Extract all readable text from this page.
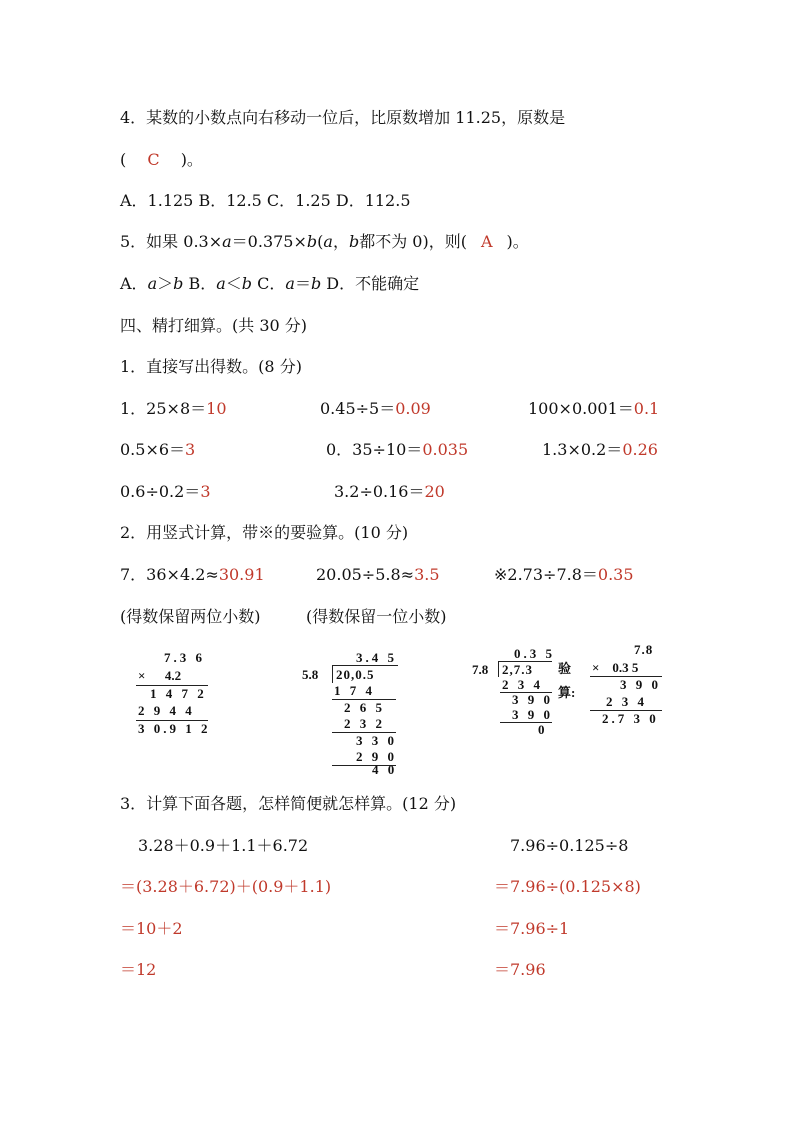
4．某数的小数点向右移动一位后，比原数增加 11.25，原数是
( C )。
A．1.125 B．12.5 C．1.25 D．112.5
5．如果 0.3×a＝0.375×b(a，b都不为 0)，则( A )。
A．a＞b B．a＜b C．a＝b D．不能确定
四、精打细算。(共 30 分)
1．直接写出得数。(8 分)
1．25×8＝10	0.45÷5＝0.09	100×0.001＝0.1
0.5×6＝3	0．35÷10＝0.035	1.3×0.2＝0.26
0.6÷0.2＝3	3.2÷0.16＝20
2．用竖式计算，带※的要验算。(10 分)
7．36×4.2≈30.91	20.05÷5.8≈3.5	※2.73÷7.8＝0.35
(得数保留两位小数)	(得数保留一位小数)
7.3 6
×      4.2
1 4 7 2
2 9 4 4
3 0.9 1 2
3.4 5
5.8 20,0.5
1 7 4
2 6 5
2 3 2
3 3 0
2 9 0
4 0
0.3 5
7.8 2,7.3
2 3 4
3 9 0
3 9 0
0
验
算:
7.8
×    0.3 5
3 9 0
2 3 4
2.7 3 0
3．计算下面各题，怎样简便就怎样算。(12 分)
3.28＋0.9＋1.1＋6.72
＝(3.28＋6.72)＋(0.9＋1.1)
＝10＋2
＝12
7.96÷0.125÷8
＝7.96÷(0.125×8)
＝7.96÷1
＝7.96
